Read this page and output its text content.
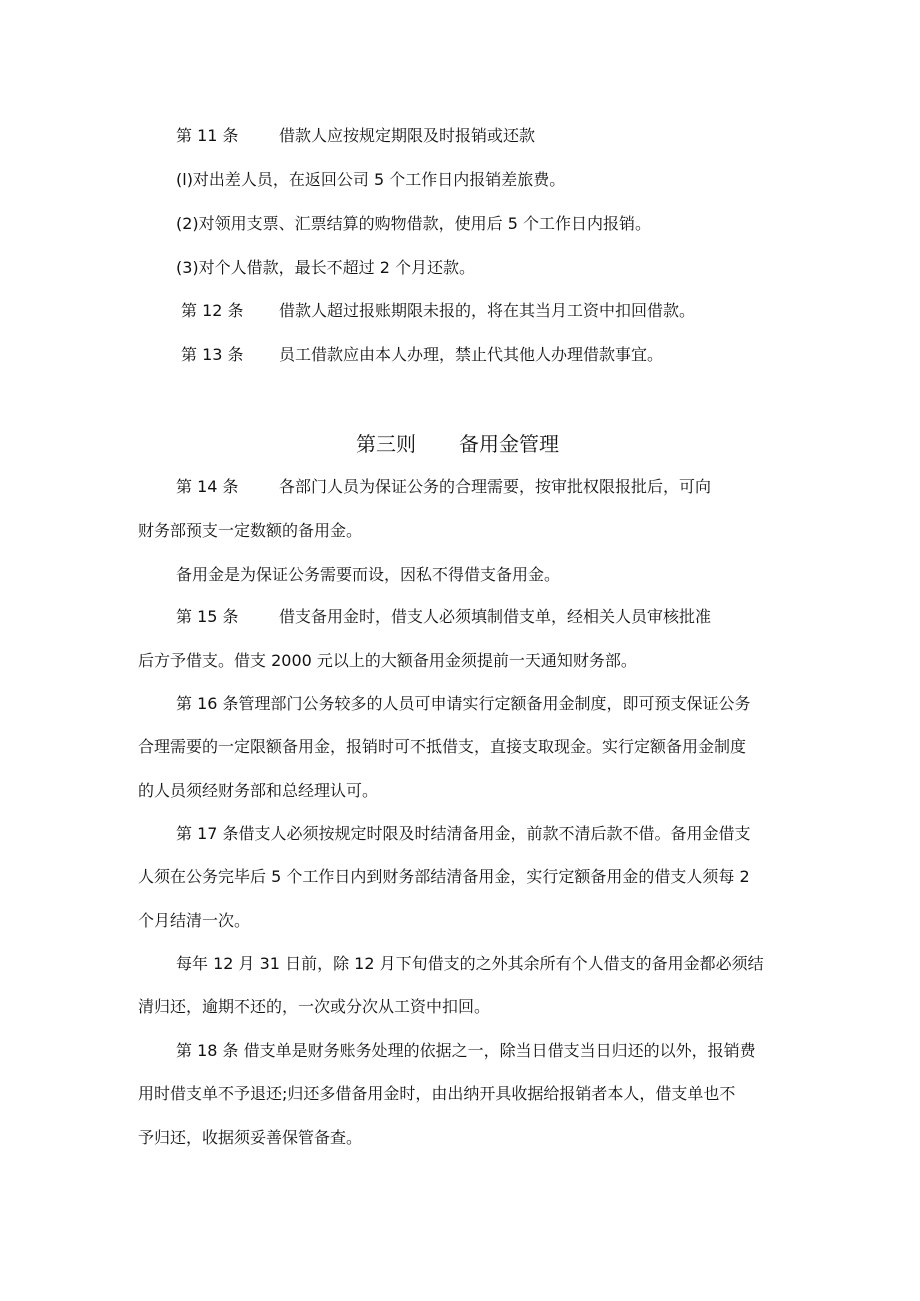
第 11 条	借款人应按规定期限及时报销或还款
(l)对出差人员，在返回公司 5 个工作日内报销差旅费。
(2)对领用支票、汇票结算的购物借款，使用后 5 个工作日内报销。
(3)对个人借款，最长不超过 2 个月还款。
第 12 条 借款人超过报账期限未报的，将在其当月工资中扣回借款。
第 13 条 员工借款应由本人办理，禁止代其他人办理借款事宜。
第三则 备用金管理
第 14 条	各部门人员为保证公务的合理需要，按审批权限报批后，可向
财务部预支一定数额的备用金。
备用金是为保证公务需要而设，因私不得借支备用金。
第 15 条	借支备用金时，借支人必须填制借支单，经相关人员审核批准
后方予借支。借支 2000 元以上的大额备用金须提前一天通知财务部。
第 16 条管理部门公务较多的人员可申请实行定额备用金制度，即可预支保证公务
合理需要的一定限额备用金，报销时可不抵借支，直接支取现金。实行定额备用金制度
的人员须经财务部和总经理认可。
第 17 条借支人必须按规定时限及时结清备用金，前款不清后款不借。备用金借支
人须在公务完毕后 5 个工作日内到财务部结清备用金，实行定额备用金的借支人须每 2
个月结清一次。
每年 12 月 31 日前，除 12 月下旬借支的之外其余所有个人借支的备用金都必须结
清归还，逾期不还的，一次或分次从工资中扣回。
第 18 条 借支单是财务账务处理的依据之一，除当日借支当日归还的以外，报销费
用时借支单不予退还;归还多借备用金时，由出纳开具收据给报销者本人，借支单也不
予归还，收据须妥善保管备查。
